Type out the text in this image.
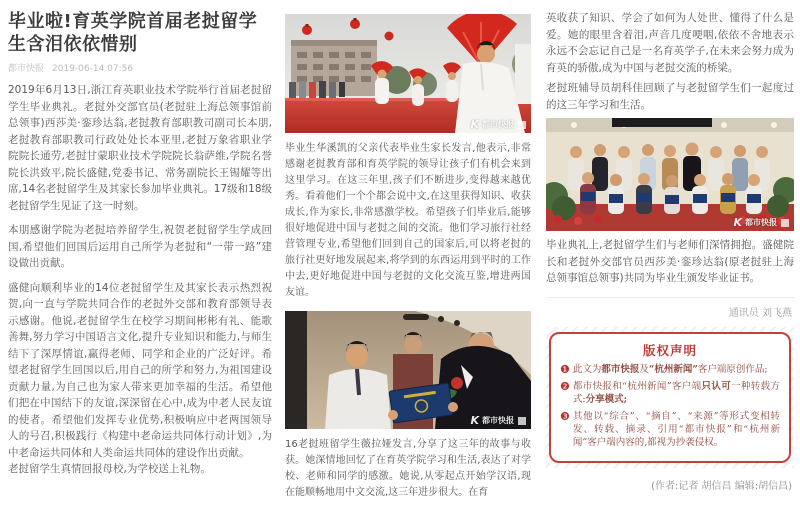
毕业啦!育英学院首届老挝留学生含泪依依惜别
都市快报 2019-06-14 07:56

2019年6月13日,浙江育英职业技术学院举行首届老挝留学生毕业典礼。老挝外交部官员(老挝驻上海总领事馆前总领事)西莎美·銮珍达翁,老挝教育部职教司副司长本朋,老挝教育部职教司行政处处长本亚里,老挝万象省职业学院院长通劳,老挝甘蒙职业技术学院院长翁萨维,学院名誉院长洪致平,院长盛健,党委书记、常务副院长王锡耀等出席,14名老挝留学生及其家长参加毕业典礼。17级和18级老挝留学生见证了这一时刻。

本朋感谢学院为老挝培养留学生,祝贺老挝留学生学成回国,希望他们回国后运用自己所学为老挝和“一带一路”建设做出贡献。

盛健向顺利毕业的14位老挝留学生及其家长表示热烈祝贺,向一直与学院共同合作的老挝外交部和教育部领导表示感谢。他说,老挝留学生在校学习期间彬彬有礼、能歌善舞,努力学习中国语言文化,提升专业知识和能力,与师生结下了深厚情谊,赢得老师、同学和企业的广泛好评。希望老挝留学生回国以后,用自己的所学和努力,为祖国建设贡献力量,为自己也为家人带来更加幸福的生活。希望他们把在中国结下的友谊,深深留在心中,成为中老人民友谊的使者。希望他们发挥专业优势,积极响应中老两国领导人的号召,积极践行《构建中老命运共同体行动计划》,为中老命运共同体和人类命运共同体的建设作出贡献。

老挝留学生真情回报母校,为学校送上礼物。

K 都市快报

毕业生华溪凯的父亲代表毕业生家长发言,他表示,非常感谢老挝教育部和育英学院的领导让孩子们有机会来到这里学习。在这三年里,孩子们不断进步,变得越来越优秀。看着他们一个个都会说中文,在这里获得知识、收获成长,作为家长,非常感激学校。希望孩子们毕业后,能够很好地促进中国与老挝之间的交流。他们学习旅行社经营管理专业,希望他们回到自己的国家后,可以将老挝的旅行社更好地发展起来,将学到的东西运用到平时的工作中去,更好地促进中国与老挝的文化交流互鉴,增进两国友谊。

K 都市快报

16老挝班留学生薇拉娅发言,分享了这三年的故事与收获。她深情地回忆了在育英学院学习和生活,表达了对学校、老师和同学的感激。她说,从零起点开始学汉语,现在能顺畅地用中文交流,这三年进步很大。在育

英收获了知识、学会了如何为人处世、懂得了什么是爱。她的眼里含着泪,声音几度哽咽,依依不舍地表示永远不会忘记自己是一名育英学子,在未来会努力成为育英的骄傲,成为中国与老挝交流的桥梁。

老挝班辅导员胡科佳回顾了与老挝留学生们一起度过的这三年学习和生活。

K 都市快报

毕业典礼上,老挝留学生们与老师们深情拥抱。盛健院长和老挝外交部官员西莎美·銮珍达翁(原老挝驻上海总领事馆总领事)共同为毕业生颁发毕业证书。

通讯员 刘飞燕
版权声明
❶ 此文为都市快报及“杭州新闻”客户端原创作品;
❷ 都市快报和“杭州新闻”客户端只认可一种转载方式:分享模式;
❸ 其他以“综合”、“摘自”、“来源”等形式变相转发、转载、摘录、引用“都市快报”和“杭州新闻”客户端内容的,都视为抄袭侵权。
(作者:记者 胡信昌 编辑:胡信昌)
